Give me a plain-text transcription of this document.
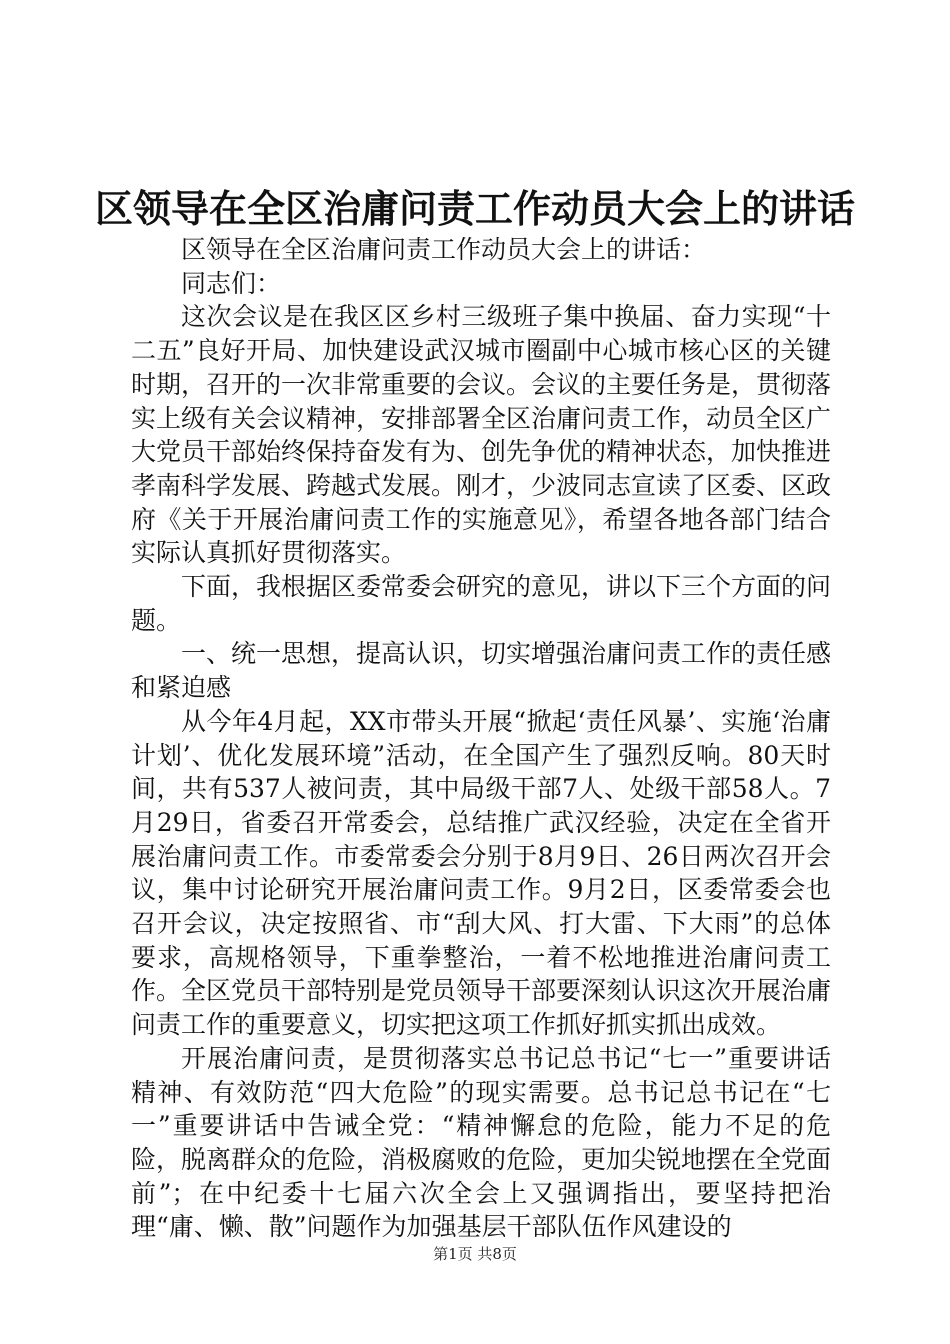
区领导在全区治庸问责工作动员大会上的讲话

区领导在全区治庸问责工作动员大会上的讲话：

同志们：

这次会议是在我区区乡村三级班子集中换届、奋力实现“十二五”良好开局、加快建设武汉城市圈副中心城市核心区的关键时期，召开的一次非常重要的会议。会议的主要任务是，贯彻落实上级有关会议精神，安排部署全区治庸问责工作，动员全区广大党员干部始终保持奋发有为、创先争优的精神状态，加快推进孝南科学发展、跨越式发展。刚才，少波同志宣读了区委、区政府《关于开展治庸问责工作的实施意见》，希望各地各部门结合实际认真抓好贯彻落实。

下面，我根据区委常委会研究的意见，讲以下三个方面的问题。

一、统一思想，提高认识，切实增强治庸问责工作的责任感和紧迫感

从今年4月起，XX市带头开展“掀起‘责任风暴’、实施‘治庸计划’、优化发展环境”活动，在全国产生了强烈反响。80天时间，共有537人被问责，其中局级干部7人、处级干部58人。7月29日，省委召开常委会，总结推广武汉经验，决定在全省开展治庸问责工作。市委常委会分别于8月9日、26日两次召开会议，集中讨论研究开展治庸问责工作。9月2日，区委常委会也召开会议，决定按照省、市“刮大风、打大雷、下大雨”的总体要求，高规格领导，下重拳整治，一着不松地推进治庸问责工作。全区党员干部特别是党员领导干部要深刻认识这次开展治庸问责工作的重要意义，切实把这项工作抓好抓实抓出成效。

开展治庸问责，是贯彻落实总书记总书记“七一”重要讲话精神、有效防范“四大危险”的现实需要。总书记总书记在“七一”重要讲话中告诫全党：“精神懈怠的危险，能力不足的危险，脱离群众的危险，消极腐败的危险，更加尖锐地摆在全党面前”；在中纪委十七届六次全会上又强调指出，要坚持把治理“庸、懒、散”问题作为加强基层干部队伍作风建设的

第1页 共8页
